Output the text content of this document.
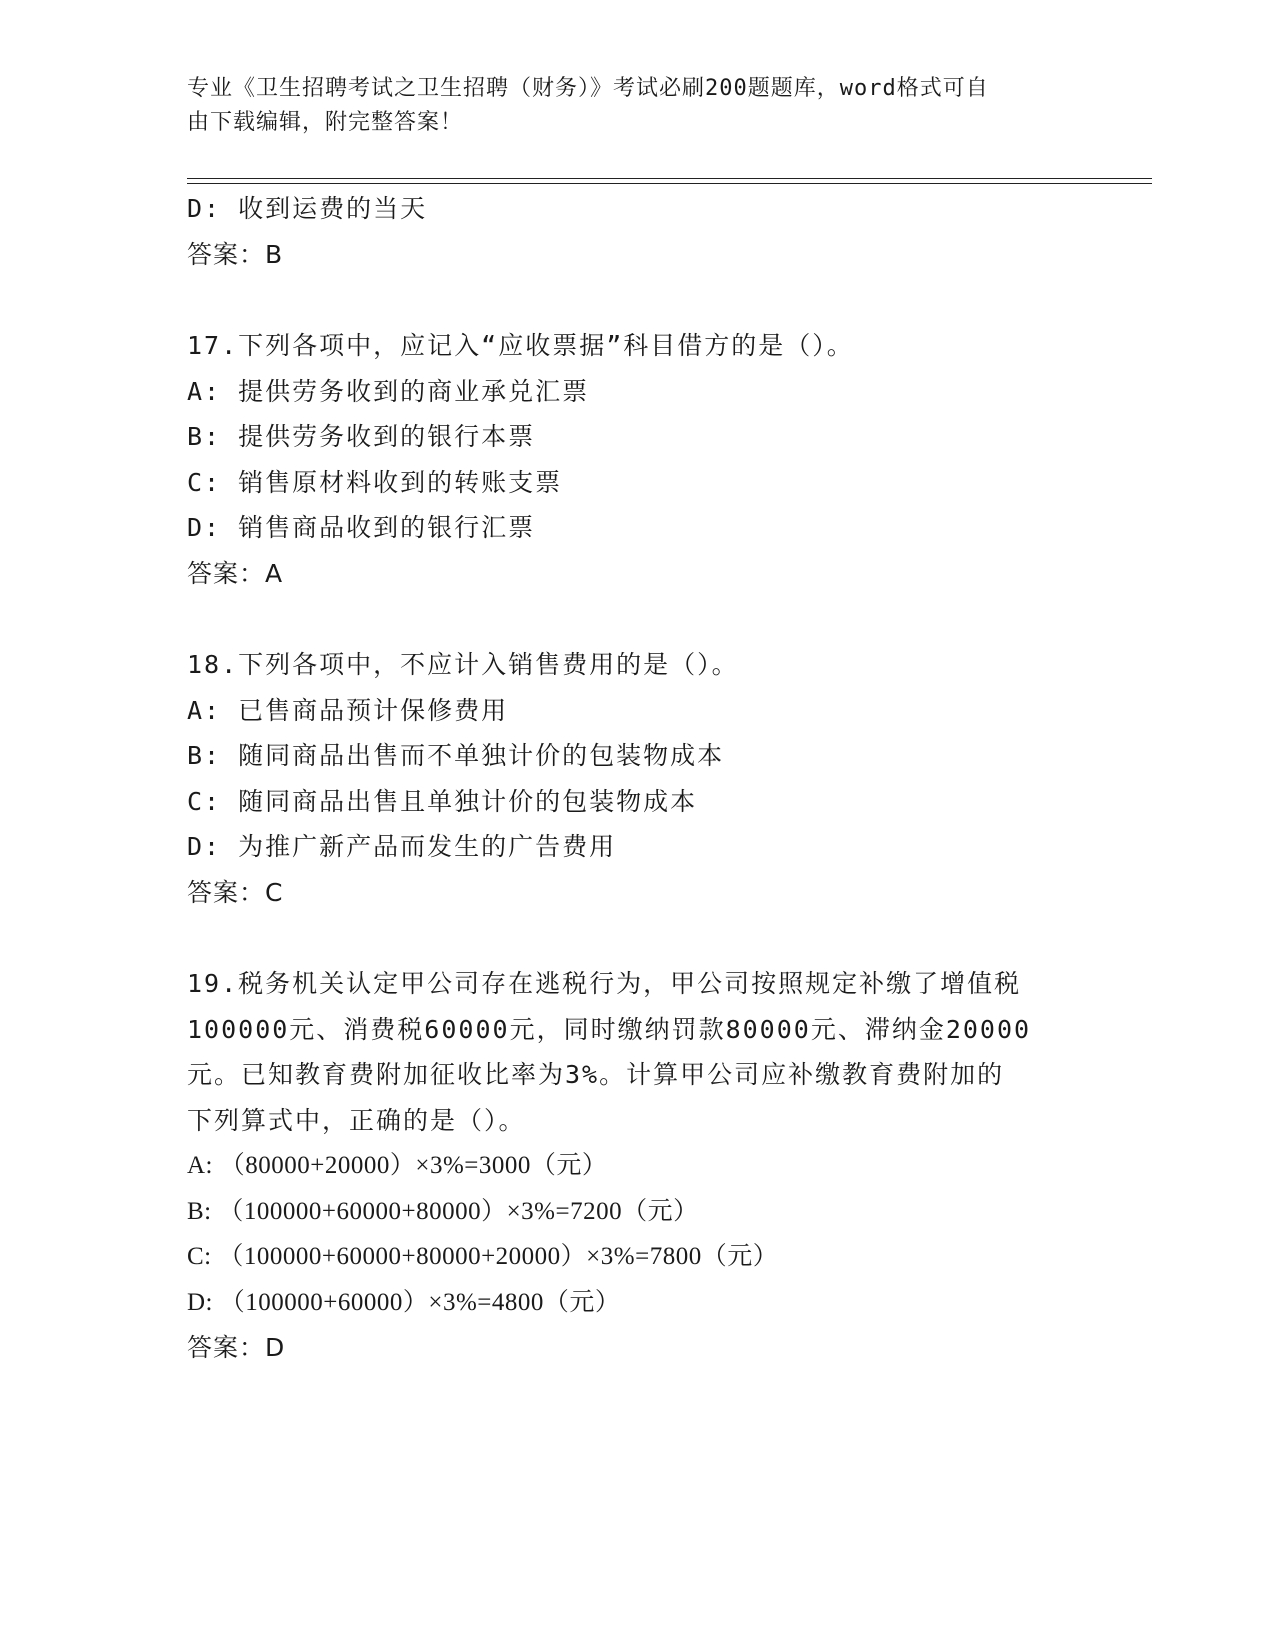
专业《卫生招聘考试之卫生招聘（财务）》考试必刷200题题库，word格式可自
由下载编辑，附完整答案！
D: 收到运费的当天
答案：B
17.下列各项中，应记入“应收票据”科目借方的是（）。
A: 提供劳务收到的商业承兑汇票
B: 提供劳务收到的银行本票
C: 销售原材料收到的转账支票
D: 销售商品收到的银行汇票
答案：A
18.下列各项中，不应计入销售费用的是（）。
A: 已售商品预计保修费用
B: 随同商品出售而不单独计价的包装物成本
C: 随同商品出售且单独计价的包装物成本
D: 为推广新产品而发生的广告费用
答案：C
19.税务机关认定甲公司存在逃税行为，甲公司按照规定补缴了增值税
100000元、消费税60000元，同时缴纳罚款80000元、滞纳金20000
元。已知教育费附加征收比率为3%。计算甲公司应补缴教育费附加的
下列算式中，正确的是（）。
A: （80000+20000）×3%=3000（元）
B: （100000+60000+80000）×3%=7200（元）
C: （100000+60000+80000+20000）×3%=7800（元）
D: （100000+60000）×3%=4800（元）
答案：D
